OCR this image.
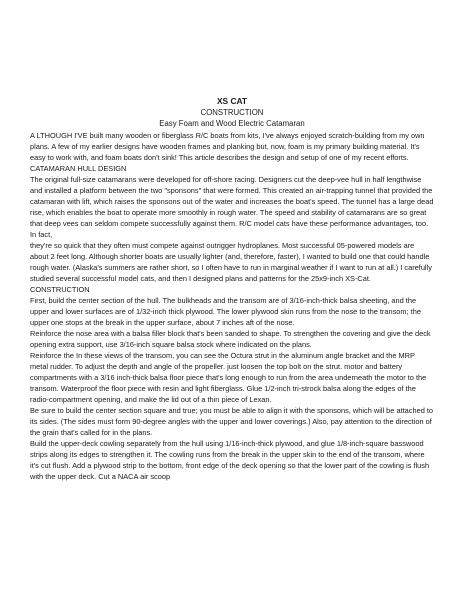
XS CAT

CONSTRUCTION

Easy Foam and Wood Electric Catamaran

A LTHOUGH I'VE built many wooden or fiberglass R/C boats from kits, I've always enjoyed scratch-building from my own plans. A few of my earlier designs have wooden frames and planking but, now, foam is my primary building material. It's easy to work with, and foam boats don't sink! This article describes the design and setup of one of my recent efforts.

CATAMARAN HULL DESIGN

The original full-size catamarans were developed for off-shore racing. Designers cut the deep-vee hull in half lengthwise and installed a platform between the two "sponsons" that were formed. This created an air-trapping tunnel that provided the catamaran with lift, which raises the sponsons out of the water and increases the boat's speed. The tunnel has a large dead rise, which enables the boat to operate more smoothly in rough water. The speed and stability of catamarans are so great that deep vees can seldom compete successfully against them. R/C model cats have these performance advantages, too. In fact,

they're so quick that they often must compete against outrigger hydroplanes. Most successful 05-powered models are about 2 feet long. Although shorter boats are usually lighter (and, therefore, faster), I wanted to build one that could handle rough water. (Alaska's summers are rather short, so I often have to run in marginal weather if I want to run at all.) I carefully studied several successful model cats, and then I designed plans and patterns for the 25x9-inch XS-Cat.

CONSTRUCTION

First, build the center section of the hull. The bulkheads and the transom are of 3/16-inch-thick balsa sheeting, and the upper and lower surfaces are of 1/32-inch thick plywood. The lower plywood skin runs from the nose to the transom; the upper one stops at the break in the upper surface, about 7 inches aft of the nose.

Reinforce the nose area with a balsa filler block that's been sanded to shape. To strengthen the covering and give the deck opening extra support, use 3/16-inch square balsa stock where indicated on the plans.

Reinforce the In these views of the transom, you can see the Octura strut in the aluminum angle bracket and the MRP metal rudder. To adjust the depth and angle of the propeller. just loosen the top bolt on the strut. motor and battery compartments with a 3/16 inch-thick balsa floor piece that's long enough to run from the area underneath the motor to the transom. Waterproof the floor piece with resin and light fiberglass. Glue 1/2-inch tri-strock balsa along the edges of the radio-compartment opening, and make the lid out of a thin piece of Lexan.

Be sure to build the center section square and true; you must be able to align it with the sponsons, which will be attached to its sides. (The sides must form 90-degree angles with the upper and lower coverings.) Also, pay attention to the direction of the grain that's called for in the plans.

Build the upper-deck cowling separately from the hull using 1/16-inch-thick plywood, and glue 1/8-inch-square basswood strips along its edges to strengthen it. The cowling runs from the break in the upper skin to the end of the transom, where it's cut flush. Add a plywood strip to the bottom, front edge of the deck opening so that the lower part of the cowling is flush with the upper deck. Cut a NACA air scoop
